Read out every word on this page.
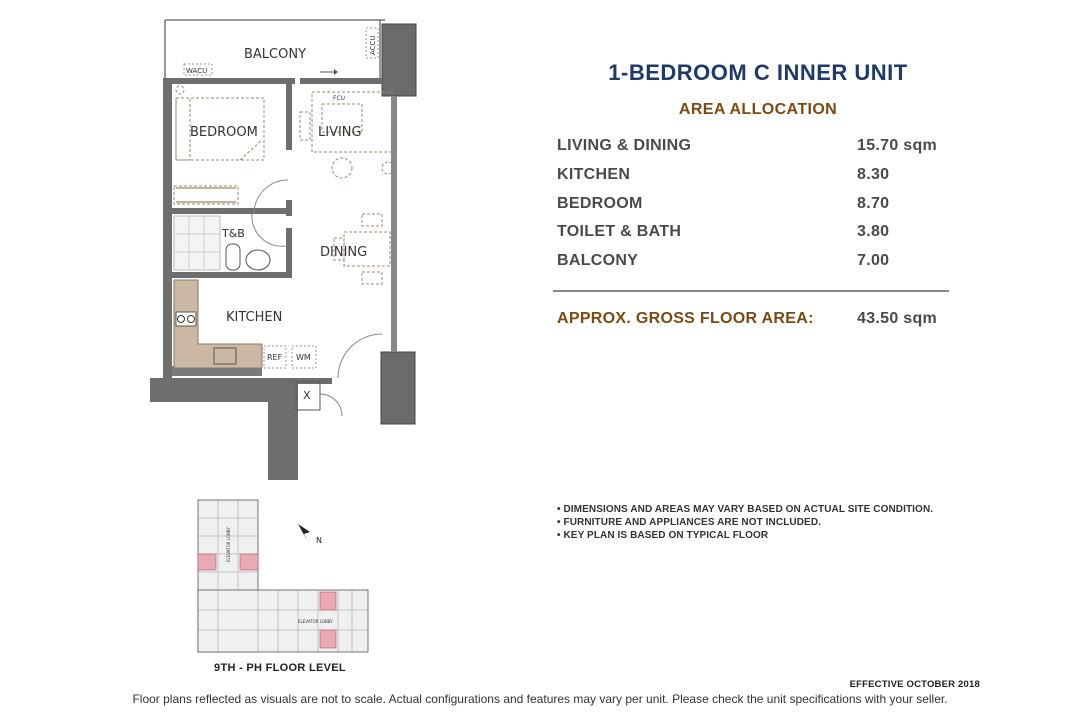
BALCONY
BEDROOM	LIVING
T&B
DINING
KITCHEN
WACU
ACCU
FCU
REF WM
X
ELEVATOR LOBBY
ELEVATOR LOBBY
N
9TH - PH FLOOR LEVEL
1-BEDROOM C INNER UNIT
AREA ALLOCATION
LIVING & DINING	15.70 sqm
KITCHEN	8.30
BEDROOM	8.70
TOILET & BATH	3.80
BALCONY	7.00
APPROX. GROSS FLOOR AREA:	43.50 sqm
• DIMENSIONS AND AREAS MAY VARY BASED ON ACTUAL SITE CONDITION.
• FURNITURE AND APPLIANCES ARE NOT INCLUDED.
• KEY PLAN IS BASED ON TYPICAL FLOOR
EFFECTIVE OCTOBER 2018
Floor plans reflected as visuals are not to scale. Actual configurations and features may vary per unit. Please check the unit specifications with your seller.
